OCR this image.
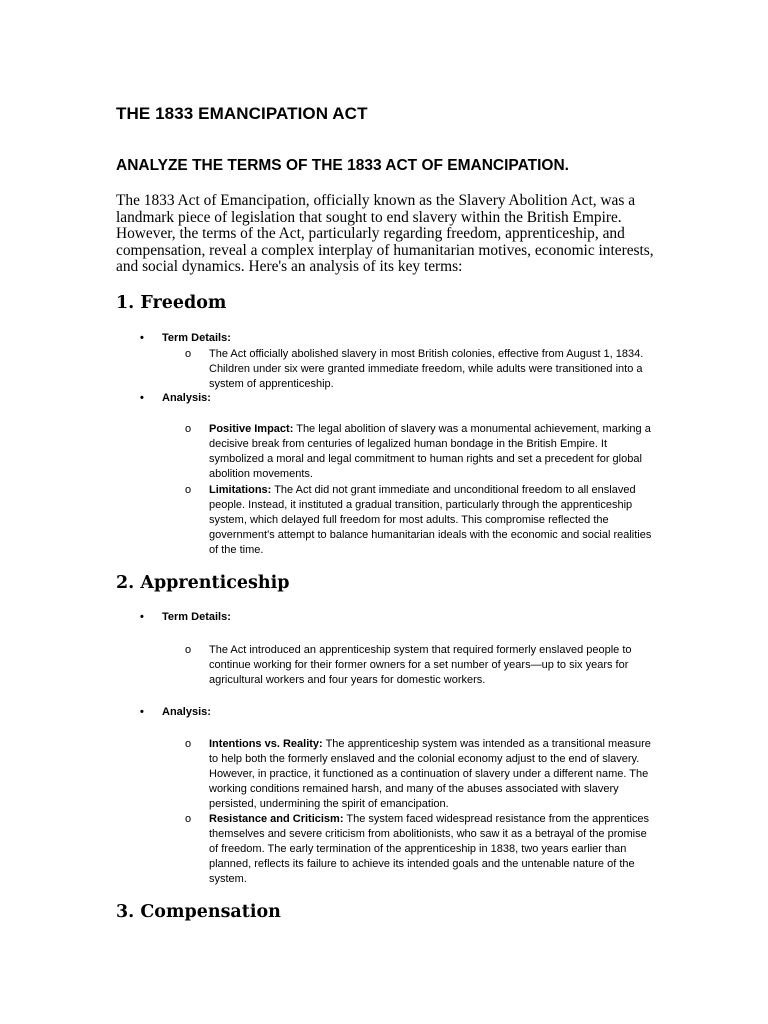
THE 1833 EMANCIPATION ACT
ANALYZE THE TERMS OF THE 1833 ACT OF EMANCIPATION.

The 1833 Act of Emancipation, officially known as the Slavery Abolition Act, was a landmark piece of legislation that sought to end slavery within the British Empire. However, the terms of the Act, particularly regarding freedom, apprenticeship, and compensation, reveal a complex interplay of humanitarian motives, economic interests, and social dynamics. Here's an analysis of its key terms:

1. Freedom
• Term Details:
o The Act officially abolished slavery in most British colonies, effective from August 1, 1834. Children under six were granted immediate freedom, while adults were transitioned into a system of apprenticeship.
• Analysis:
o Positive Impact: The legal abolition of slavery was a monumental achievement, marking a decisive break from centuries of legalized human bondage in the British Empire. It symbolized a moral and legal commitment to human rights and set a precedent for global abolition movements.
o Limitations: The Act did not grant immediate and unconditional freedom to all enslaved people. Instead, it instituted a gradual transition, particularly through the apprenticeship system, which delayed full freedom for most adults. This compromise reflected the government's attempt to balance humanitarian ideals with the economic and social realities of the time.
2. Apprenticeship
• Term Details:
o The Act introduced an apprenticeship system that required formerly enslaved people to continue working for their former owners for a set number of years—up to six years for agricultural workers and four years for domestic workers.
• Analysis:
o Intentions vs. Reality: The apprenticeship system was intended as a transitional measure to help both the formerly enslaved and the colonial economy adjust to the end of slavery. However, in practice, it functioned as a continuation of slavery under a different name. The working conditions remained harsh, and many of the abuses associated with slavery persisted, undermining the spirit of emancipation.
o Resistance and Criticism: The system faced widespread resistance from the apprentices themselves and severe criticism from abolitionists, who saw it as a betrayal of the promise of freedom. The early termination of the apprenticeship in 1838, two years earlier than planned, reflects its failure to achieve its intended goals and the untenable nature of the system.
3. Compensation
